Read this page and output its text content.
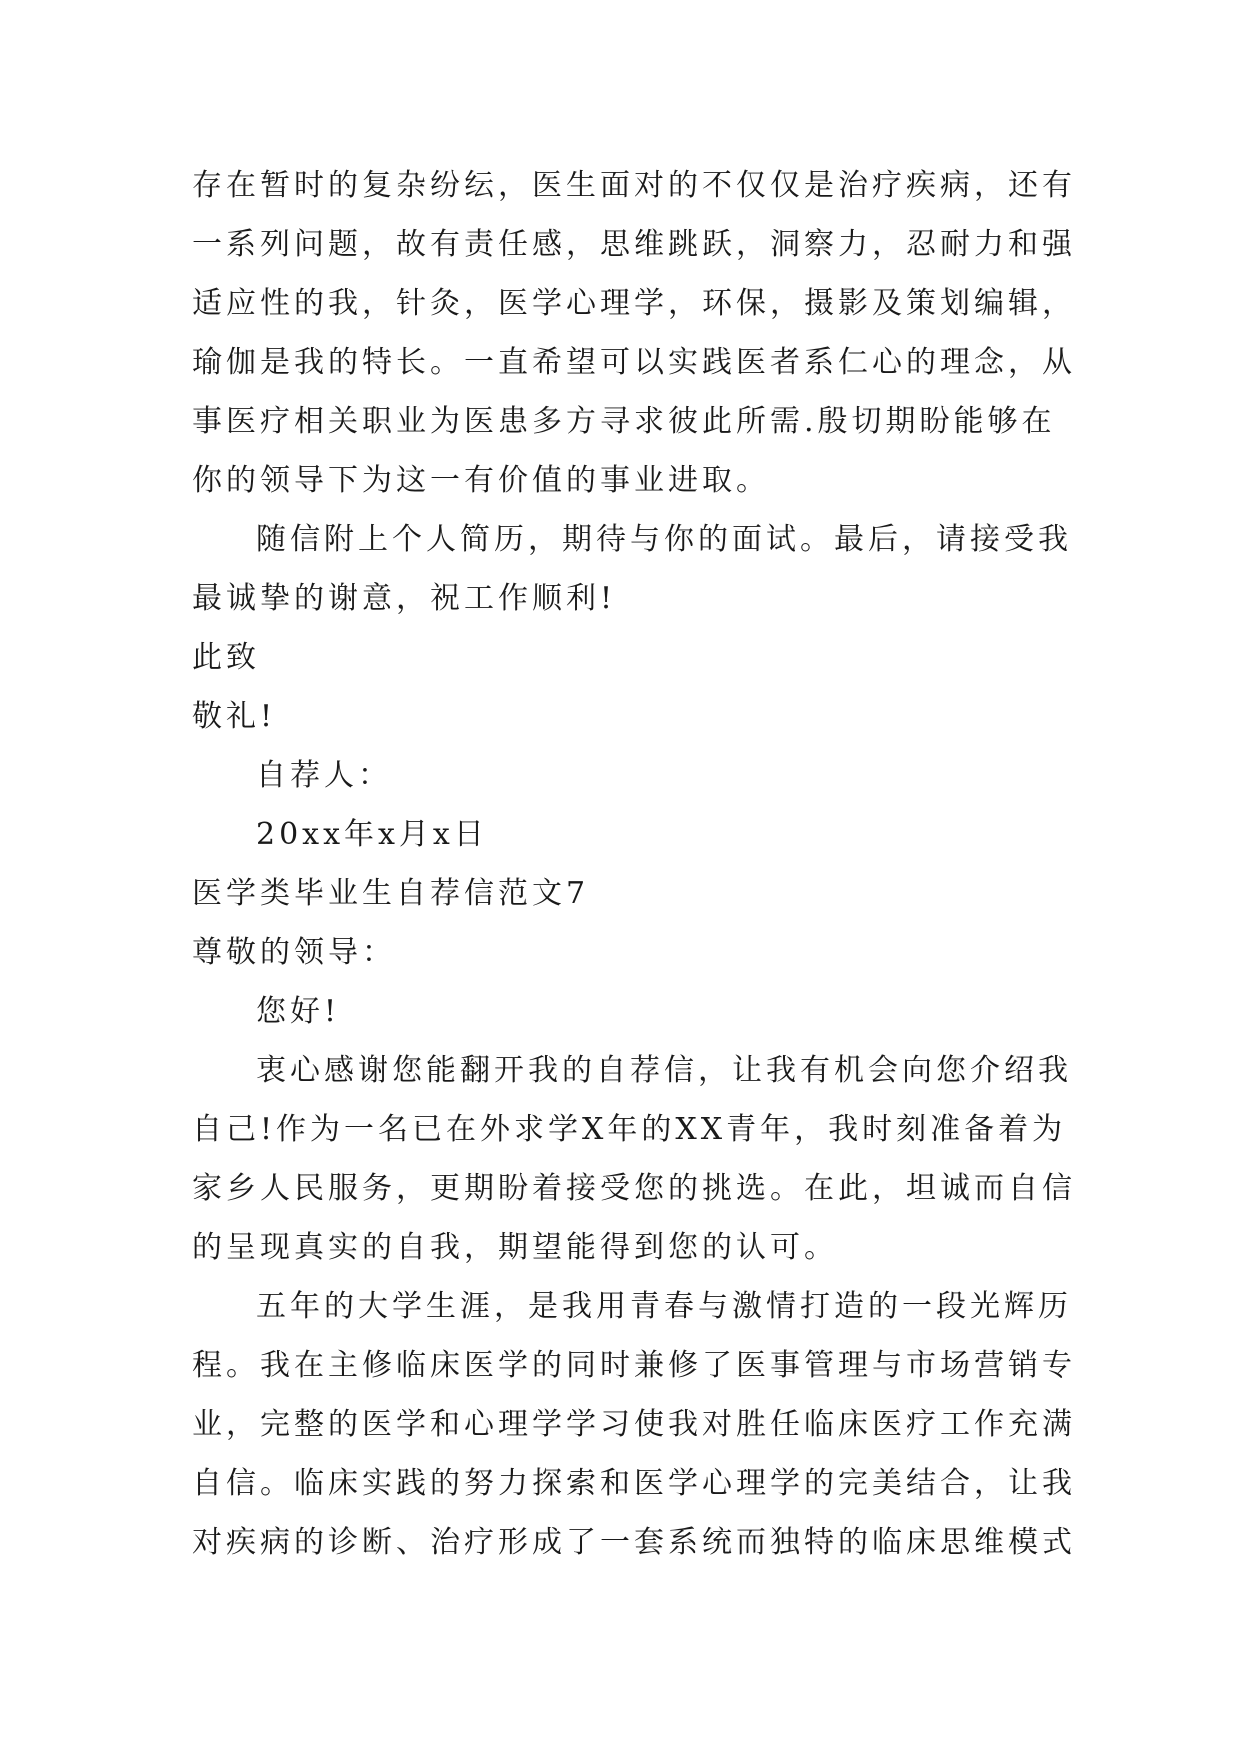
存在暂时的复杂纷纭，医生面对的不仅仅是治疗疾病，还有
一系列问题，故有责任感，思维跳跃，洞察力，忍耐力和强
适应性的我，针灸，医学心理学，环保，摄影及策划编辑，
瑜伽是我的特长。一直希望可以实践医者系仁心的理念，从
事医疗相关职业为医患多方寻求彼此所需.殷切期盼能够在
你的领导下为这一有价值的事业进取。
随信附上个人简历，期待与你的面试。最后，请接受我
最诚挚的谢意，祝工作顺利!
此致
敬礼!
自荐人：
20xx年x月x日
医学类毕业生自荐信范文7
尊敬的领导：
您好!
衷心感谢您能翻开我的自荐信，让我有机会向您介绍我
自己!作为一名已在外求学X年的XX青年，我时刻准备着为
家乡人民服务，更期盼着接受您的挑选。在此，坦诚而自信
的呈现真实的自我，期望能得到您的认可。
五年的大学生涯，是我用青春与激情打造的一段光辉历
程。我在主修临床医学的同时兼修了医事管理与市场营销专
业，完整的医学和心理学学习使我对胜任临床医疗工作充满
自信。临床实践的努力探索和医学心理学的完美结合，让我
对疾病的诊断、治疗形成了一套系统而独特的临床思维模式
